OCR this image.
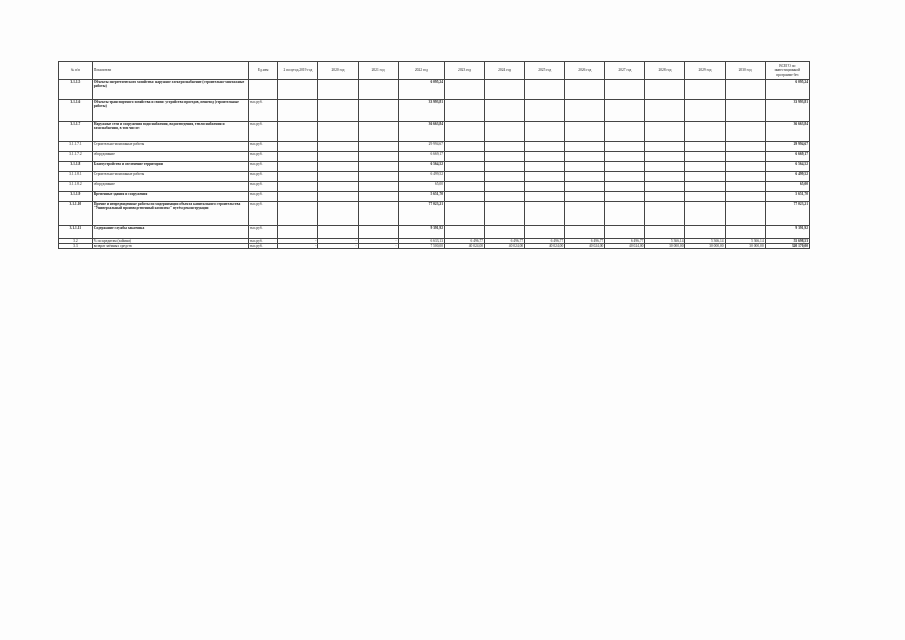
№ п/п	Показатели	Ед.изм	2 полугод.2019 год	2020 год	2021 год	2022 год	2023 год	2024 год	2025 год	2026 год	2027 год	2028 год	2029 год	2030 год	ВСЕГО по инвестиционной программе без
3.1.1.5	Объекты энергетического хозяйства: наружное электроснабжение (строительно-монтажные работы)					6 095,24									6 095,24
3.1.1.6	Объекты транспортного хозяйства и связи: устройство проездов, пешеход (строительные работы)	тыс.руб.				33 993,81									33 993,81
3.1.1.7	Наружные сети и сооружения водоснабжения, водоотведения, теплоснабжения и газоснабжения, в том числе:	тыс.руб.				36 663,84									36 663,84
3.1.1.7.1	Строительно-монтажные работы	тыс.руб.				29 994,67									29 994,67
3.1.1.7.2	оборудование	тыс.руб.				6 669,17									6 669,17
3.1.1.8	Благоустройство и озеленение территории	тыс.руб.				6 564,52									6 564,52
3.1.1.8.1	Строительно-монтажные работы	тыс.руб.				6 499,52									6 499,52
3.1.1.8.2	оборудование	тыс.руб.				65,00									65,00
3.1.1.9	Временные здания и сооружения	тыс.руб.				5 651,70									5 651,70
3.1.1.10	Прочие и непредвиденные работы по модернизации объекта капитального строительства "Универсальный производственный комплекс" путём реконструкции	тыс.руб.				77 023,21									77 023,21
3.1.1.11	Содержание службы заказчика	тыс.руб.				9 391,92									9 391,92
3.2	% по кредитам (займам)	тыс.руб.	-	-	-	6 633,13	6 496,77	6 496,77	6 496,77	6 496,77	6 496,77	5 366,14	5 366,14	5 366,14	55 698,53
3.3	возврат заёмных средств	тыс.руб.	-	-	-	7 500,00	40 024,00	40 024,00	40 024,00	40 024,00	40 024,00	30 000,00	30 000,00	30 000,00	320 170,00
